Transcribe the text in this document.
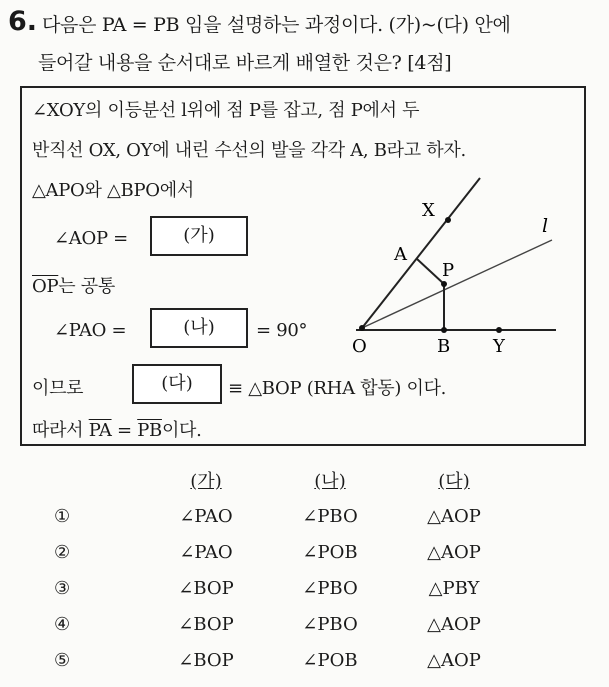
6. 다음은 PA = PB 임을 설명하는 과정이다. (가)~(다) 안에
들어갈 내용을 순서대로 바르게 배열한 것은? [4점]
∠XOY의 이등분선 l위에 점 P를 잡고, 점 P에서 두
반직선 OX, OY에 내린 수선의 발을 각각 A, B라고 하자.
△APO와 △BPO에서
∠AOP =	(가)
$\overline{OP}$는 공통
∠PAO =	(나)	= 90°
이므로	(다)	≡ △BOP (RHA 합동) 이다.
따라서 $\overline{PA} = \overline{PB}$이다.
X
A
P
l
O	B Y
	(가)	(나)	(다)
①	∠PAO	∠PBO	△AOP
②	∠PAO	∠POB	△AOP
③	∠BOP	∠PBO	△PBY
④	∠BOP	∠PBO	△AOP
⑤	∠BOP	∠POB	△AOP
